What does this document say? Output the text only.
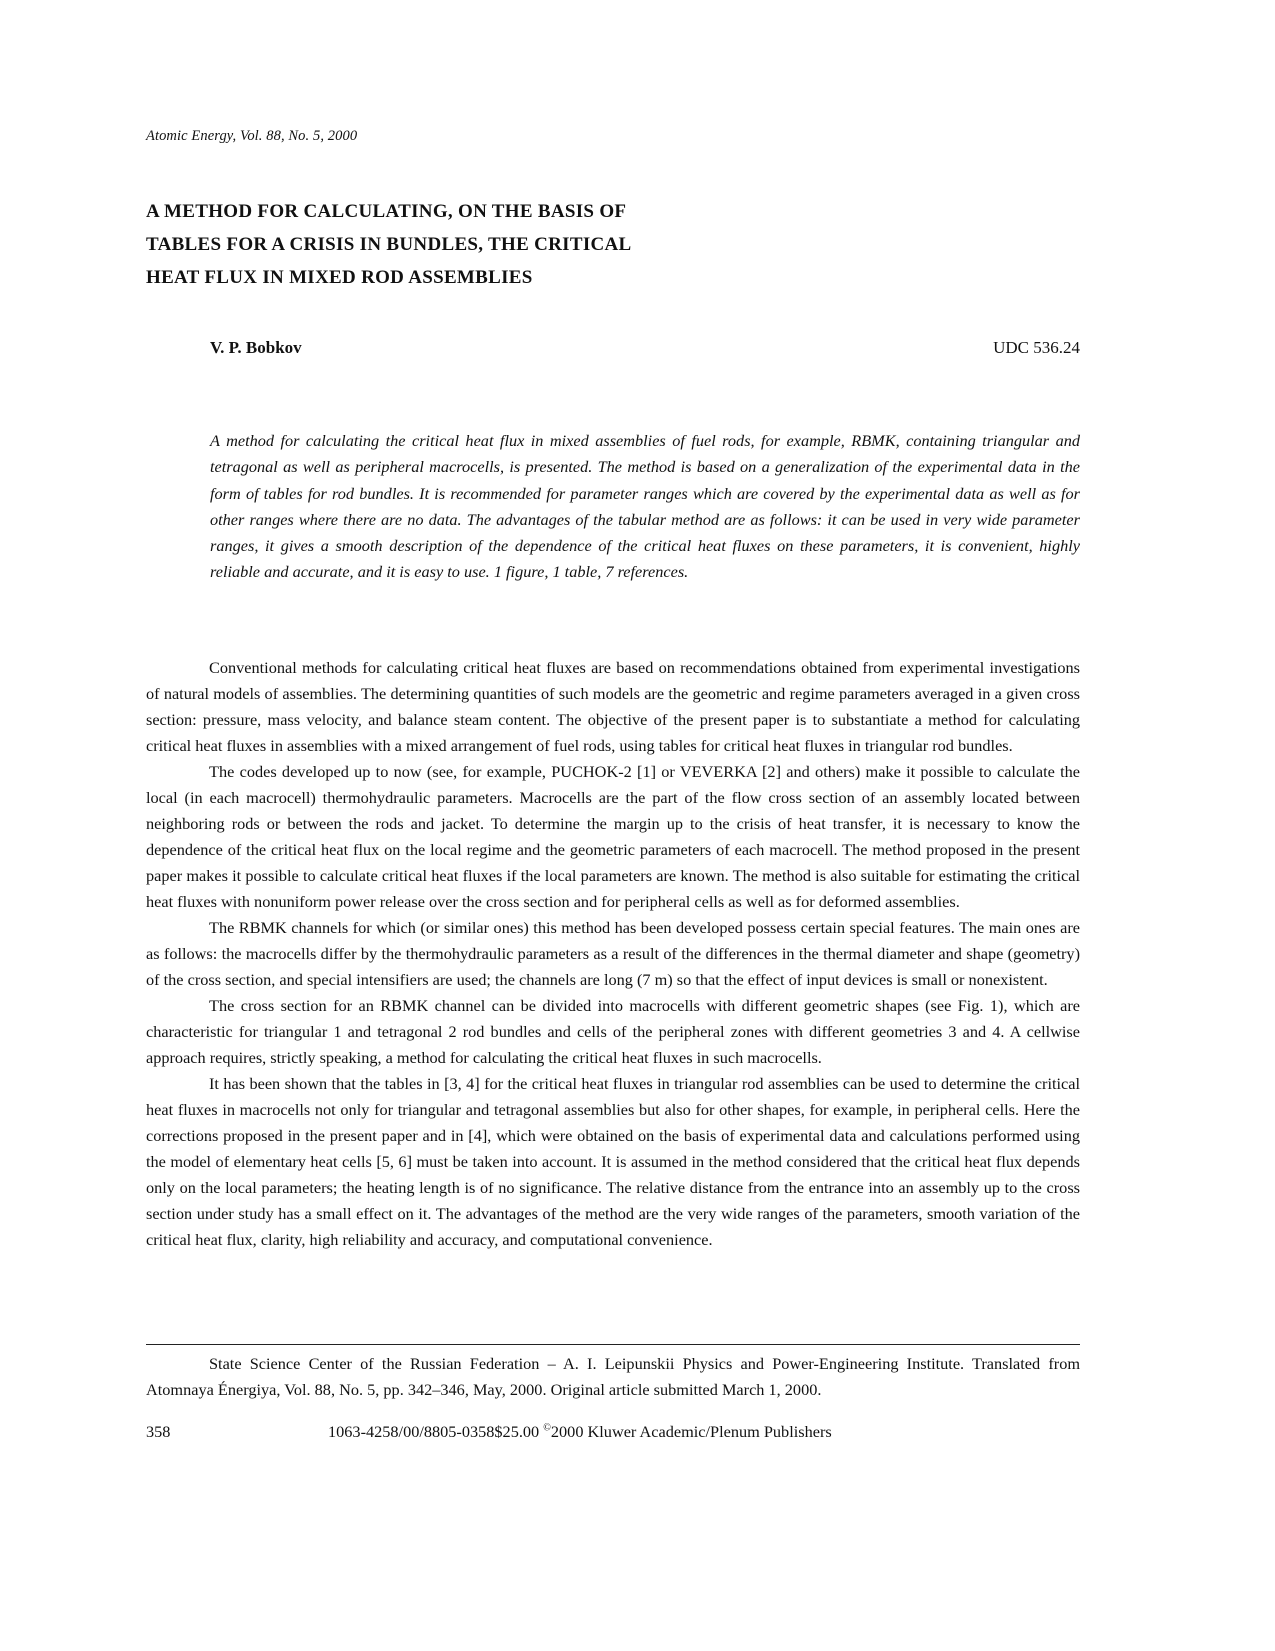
Atomic Energy, Vol. 88, No. 5, 2000
A METHOD FOR CALCULATING, ON THE BASIS OF
TABLES FOR A CRISIS IN BUNDLES, THE CRITICAL
HEAT FLUX IN MIXED ROD ASSEMBLIES
V. P. Bobkov	UDC 536.24
A method for calculating the critical heat flux in mixed assemblies of fuel rods, for example, RBMK, containing triangular and tetragonal as well as peripheral macrocells, is presented. The method is based on a generalization of the experimental data in the form of tables for rod bundles. It is recommended for parameter ranges which are covered by the experimental data as well as for other ranges where there are no data. The advantages of the tabular method are as follows: it can be used in very wide parameter ranges, it gives a smooth description of the dependence of the critical heat fluxes on these parameters, it is convenient, highly reliable and accurate, and it is easy to use. 1 figure, 1 table, 7 references.

Conventional methods for calculating critical heat fluxes are based on recommendations obtained from experimental investigations of natural models of assemblies. The determining quantities of such models are the geometric and regime parameters averaged in a given cross section: pressure, mass velocity, and balance steam content. The objective of the present paper is to substantiate a method for calculating critical heat fluxes in assemblies with a mixed arrangement of fuel rods, using tables for critical heat fluxes in triangular rod bundles.

The codes developed up to now (see, for example, PUCHOK-2 [1] or VEVERKA [2] and others) make it possible to calculate the local (in each macrocell) thermohydraulic parameters. Macrocells are the part of the flow cross section of an assembly located between neighboring rods or between the rods and jacket. To determine the margin up to the crisis of heat transfer, it is necessary to know the dependence of the critical heat flux on the local regime and the geometric parameters of each macrocell. The method proposed in the present paper makes it possible to calculate critical heat fluxes if the local parameters are known. The method is also suitable for estimating the critical heat fluxes with nonuniform power release over the cross section and for peripheral cells as well as for deformed assemblies.

The RBMK channels for which (or similar ones) this method has been developed possess certain special features. The main ones are as follows: the macrocells differ by the thermohydraulic parameters as a result of the differences in the thermal diameter and shape (geometry) of the cross section, and special intensifiers are used; the channels are long (7 m) so that the effect of input devices is small or nonexistent.

The cross section for an RBMK channel can be divided into macrocells with different geometric shapes (see Fig. 1), which are characteristic for triangular 1 and tetragonal 2 rod bundles and cells of the peripheral zones with different geometries 3 and 4. A cellwise approach requires, strictly speaking, a method for calculating the critical heat fluxes in such macrocells.

It has been shown that the tables in [3, 4] for the critical heat fluxes in triangular rod assemblies can be used to determine the critical heat fluxes in macrocells not only for triangular and tetragonal assemblies but also for other shapes, for example, in peripheral cells. Here the corrections proposed in the present paper and in [4], which were obtained on the basis of experimental data and calculations performed using the model of elementary heat cells [5, 6] must be taken into account. It is assumed in the method considered that the critical heat flux depends only on the local parameters; the heating length is of no significance. The relative distance from the entrance into an assembly up to the cross section under study has a small effect on it. The advantages of the method are the very wide ranges of the parameters, smooth variation of the critical heat flux, clarity, high reliability and accuracy, and computational convenience.

State Science Center of the Russian Federation – A. I. Leipunskii Physics and Power-Engineering Institute. Translated from Atomnaya Énergiya, Vol. 88, No. 5, pp. 342–346, May, 2000. Original article submitted March 1, 2000.
358	1063-4258/00/8805-0358$25.00 ©2000 Kluwer Academic/Plenum Publishers
